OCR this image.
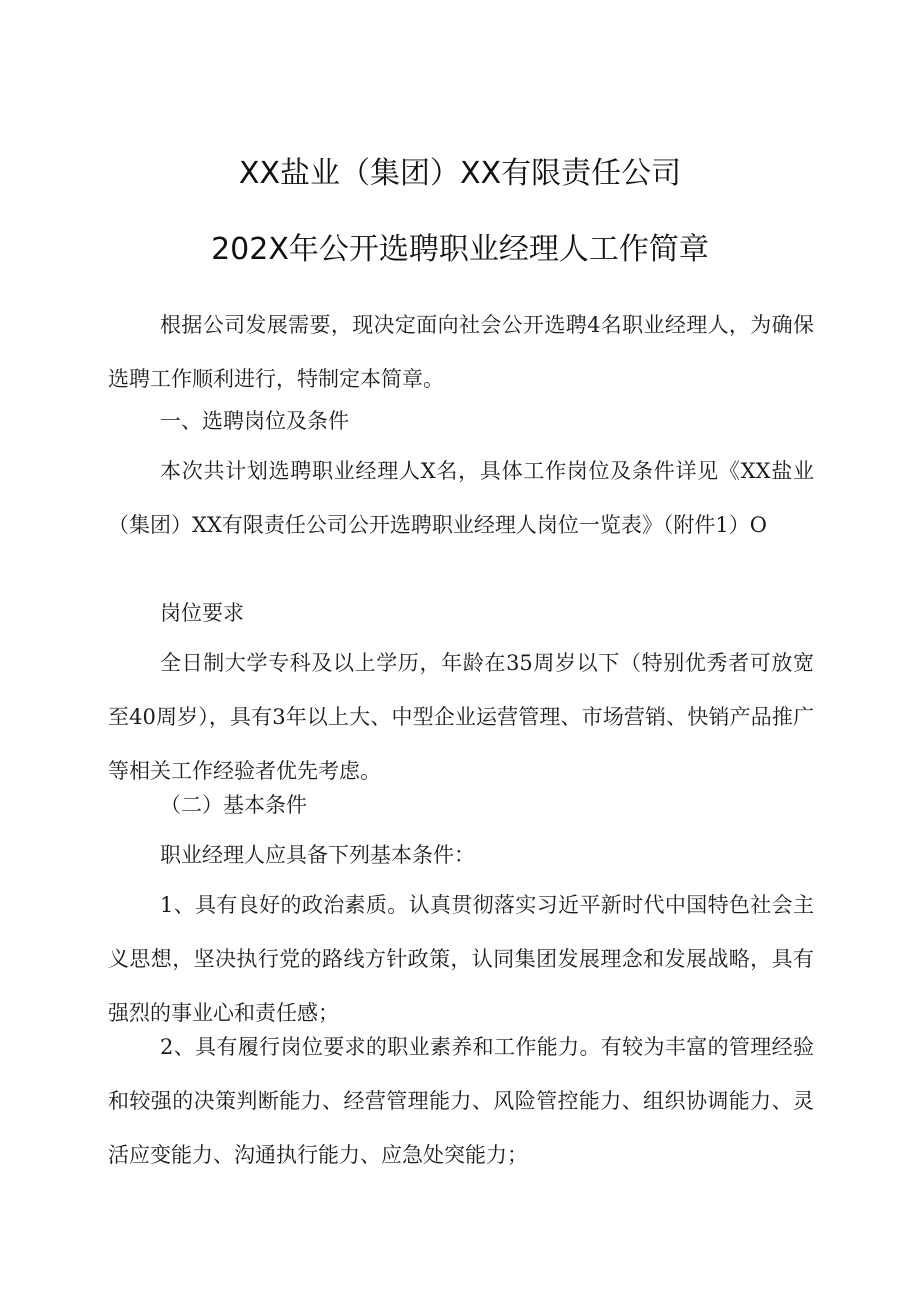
XX盐业（集团）XX有限责任公司
202X年公开选聘职业经理人工作简章
根据公司发展需要，现决定面向社会公开选聘4名职业经理人，为确保选聘工作顺利进行，特制定本简章。
一、选聘岗位及条件
本次共计划选聘职业经理人X名，具体工作岗位及条件详见《XX盐业（集团）XX有限责任公司公开选聘职业经理人岗位一览表》（附件1）O
岗位要求
全日制大学专科及以上学历，年龄在35周岁以下（特别优秀者可放宽至40周岁），具有3年以上大、中型企业运营管理、市场营销、快销产品推广等相关工作经验者优先考虑。
（二）基本条件
职业经理人应具备下列基本条件：
1、具有良好的政治素质。认真贯彻落实习近平新时代中国特色社会主义思想，坚决执行党的路线方针政策，认同集团发展理念和发展战略，具有强烈的事业心和责任感；
2、具有履行岗位要求的职业素养和工作能力。有较为丰富的管理经验和较强的决策判断能力、经营管理能力、风险管控能力、组织协调能力、灵活应变能力、沟通执行能力、应急处突能力；
